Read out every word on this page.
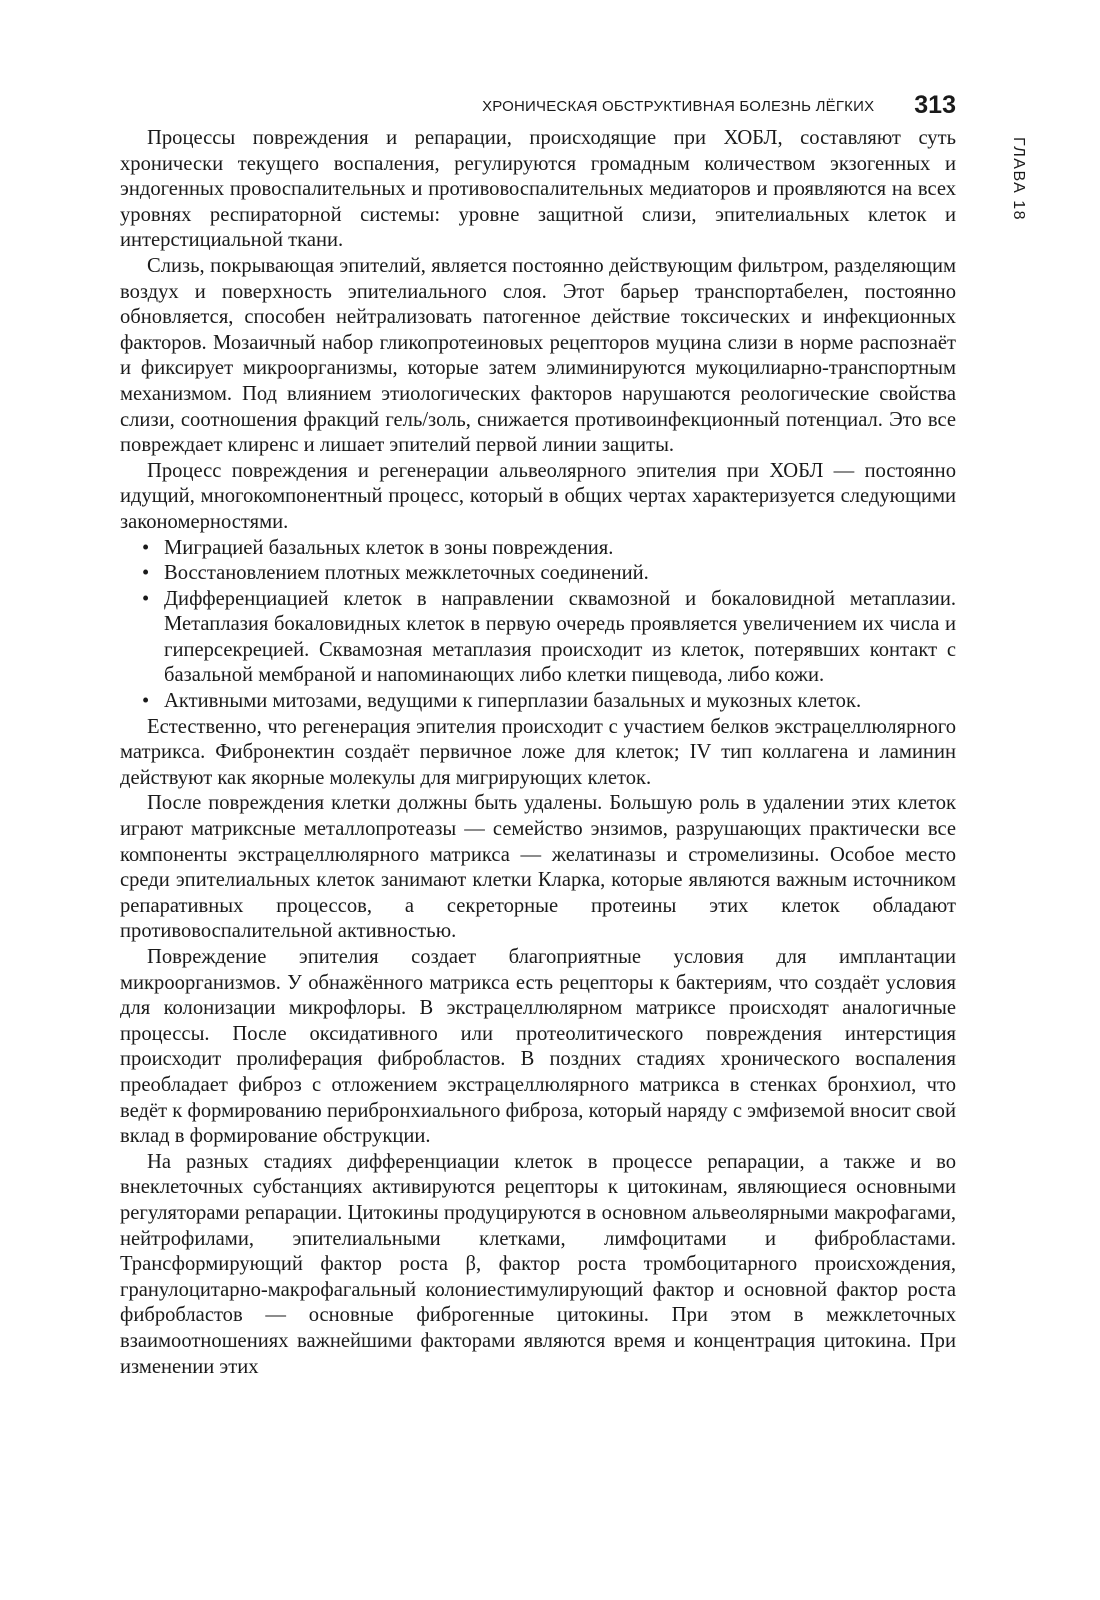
ХРОНИЧЕСКАЯ ОБСТРУКТИВНАЯ БОЛЕЗНЬ ЛЁГКИХ 313
ГЛАВА 18

Процессы повреждения и репарации, происходящие при ХОБЛ, составляют суть хронически текущего воспаления, регулируются громадным количеством экзогенных и эндогенных провоспалительных и противовоспалительных медиаторов и проявляются на всех уровнях респираторной системы: уровне защитной слизи, эпителиальных клеток и интерстициальной ткани.

Слизь, покрывающая эпителий, является постоянно действующим фильтром, разделяющим воздух и поверхность эпителиального слоя. Этот барьер транспортабелен, постоянно обновляется, способен нейтрализовать патогенное действие токсических и инфекционных факторов. Мозаичный набор гликопротеиновых рецепторов муцина слизи в норме распознаёт и фиксирует микроорганизмы, которые затем элиминируются мукоцилиарно-транспортным механизмом. Под влиянием этиологических факторов нарушаются реологические свойства слизи, соотношения фракций гель/золь, снижается противоинфекционный потенциал. Это все повреждает клиренс и лишает эпителий первой линии защиты.

Процесс повреждения и регенерации альвеолярного эпителия при ХОБЛ — постоянно идущий, многокомпонентный процесс, который в общих чертах характеризуется следующими закономерностями.

• Миграцией базальных клеток в зоны повреждения.
• Восстановлением плотных межклеточных соединений.
• Дифференциацией клеток в направлении сквамозной и бокаловидной метаплазии. Метаплазия бокаловидных клеток в первую очередь проявляется увеличением их числа и гиперсекрецией. Сквамозная метаплазия происходит из клеток, потерявших контакт с базальной мембраной и напоминающих либо клетки пищевода, либо кожи.
• Активными митозами, ведущими к гиперплазии базальных и мукозных клеток.

Естественно, что регенерация эпителия происходит с участием белков экстрацеллюлярного матрикса. Фибронектин создаёт первичное ложе для клеток; IV тип коллагена и ламинин действуют как якорные молекулы для мигрирующих клеток.

После повреждения клетки должны быть удалены. Большую роль в удалении этих клеток играют матриксные металлопротеазы — семейство энзимов, разрушающих практически все компоненты экстрацеллюлярного матрикса — желатиназы и стромелизины. Особое место среди эпителиальных клеток занимают клетки Кларка, которые являются важным источником репаративных процессов, а секреторные протеины этих клеток обладают противовоспалительной активностью.

Повреждение эпителия создает благоприятные условия для имплантации микроорганизмов. У обнажённого матрикса есть рецепторы к бактериям, что создаёт условия для колонизации микрофлоры. В экстрацеллюлярном матриксе происходят аналогичные процессы. После оксидативного или протеолитического повреждения интерстиция происходит пролиферация фибробластов. В поздних стадиях хронического воспаления преобладает фиброз с отложением экстрацеллюлярного матрикса в стенках бронхиол, что ведёт к формированию перибронхиального фиброза, который наряду с эмфиземой вносит свой вклад в формирование обструкции.

На разных стадиях дифференциации клеток в процессе репарации, а также и во внеклеточных субстанциях активируются рецепторы к цитокинам, являющиеся основными регуляторами репарации. Цитокины продуцируются в основном альвеолярными макрофагами, нейтрофилами, эпителиальными клетками, лимфоцитами и фибробластами. Трансформирующий фактор роста β, фактор роста тромбоцитарного происхождения, гранулоцитарно-макрофагальный колониестимулирующий фактор и основной фактор роста фибробластов — основные фиброгенные цитокины. При этом в межклеточных взаимоотношениях важнейшими факторами являются время и концентрация цитокина. При изменении этих
